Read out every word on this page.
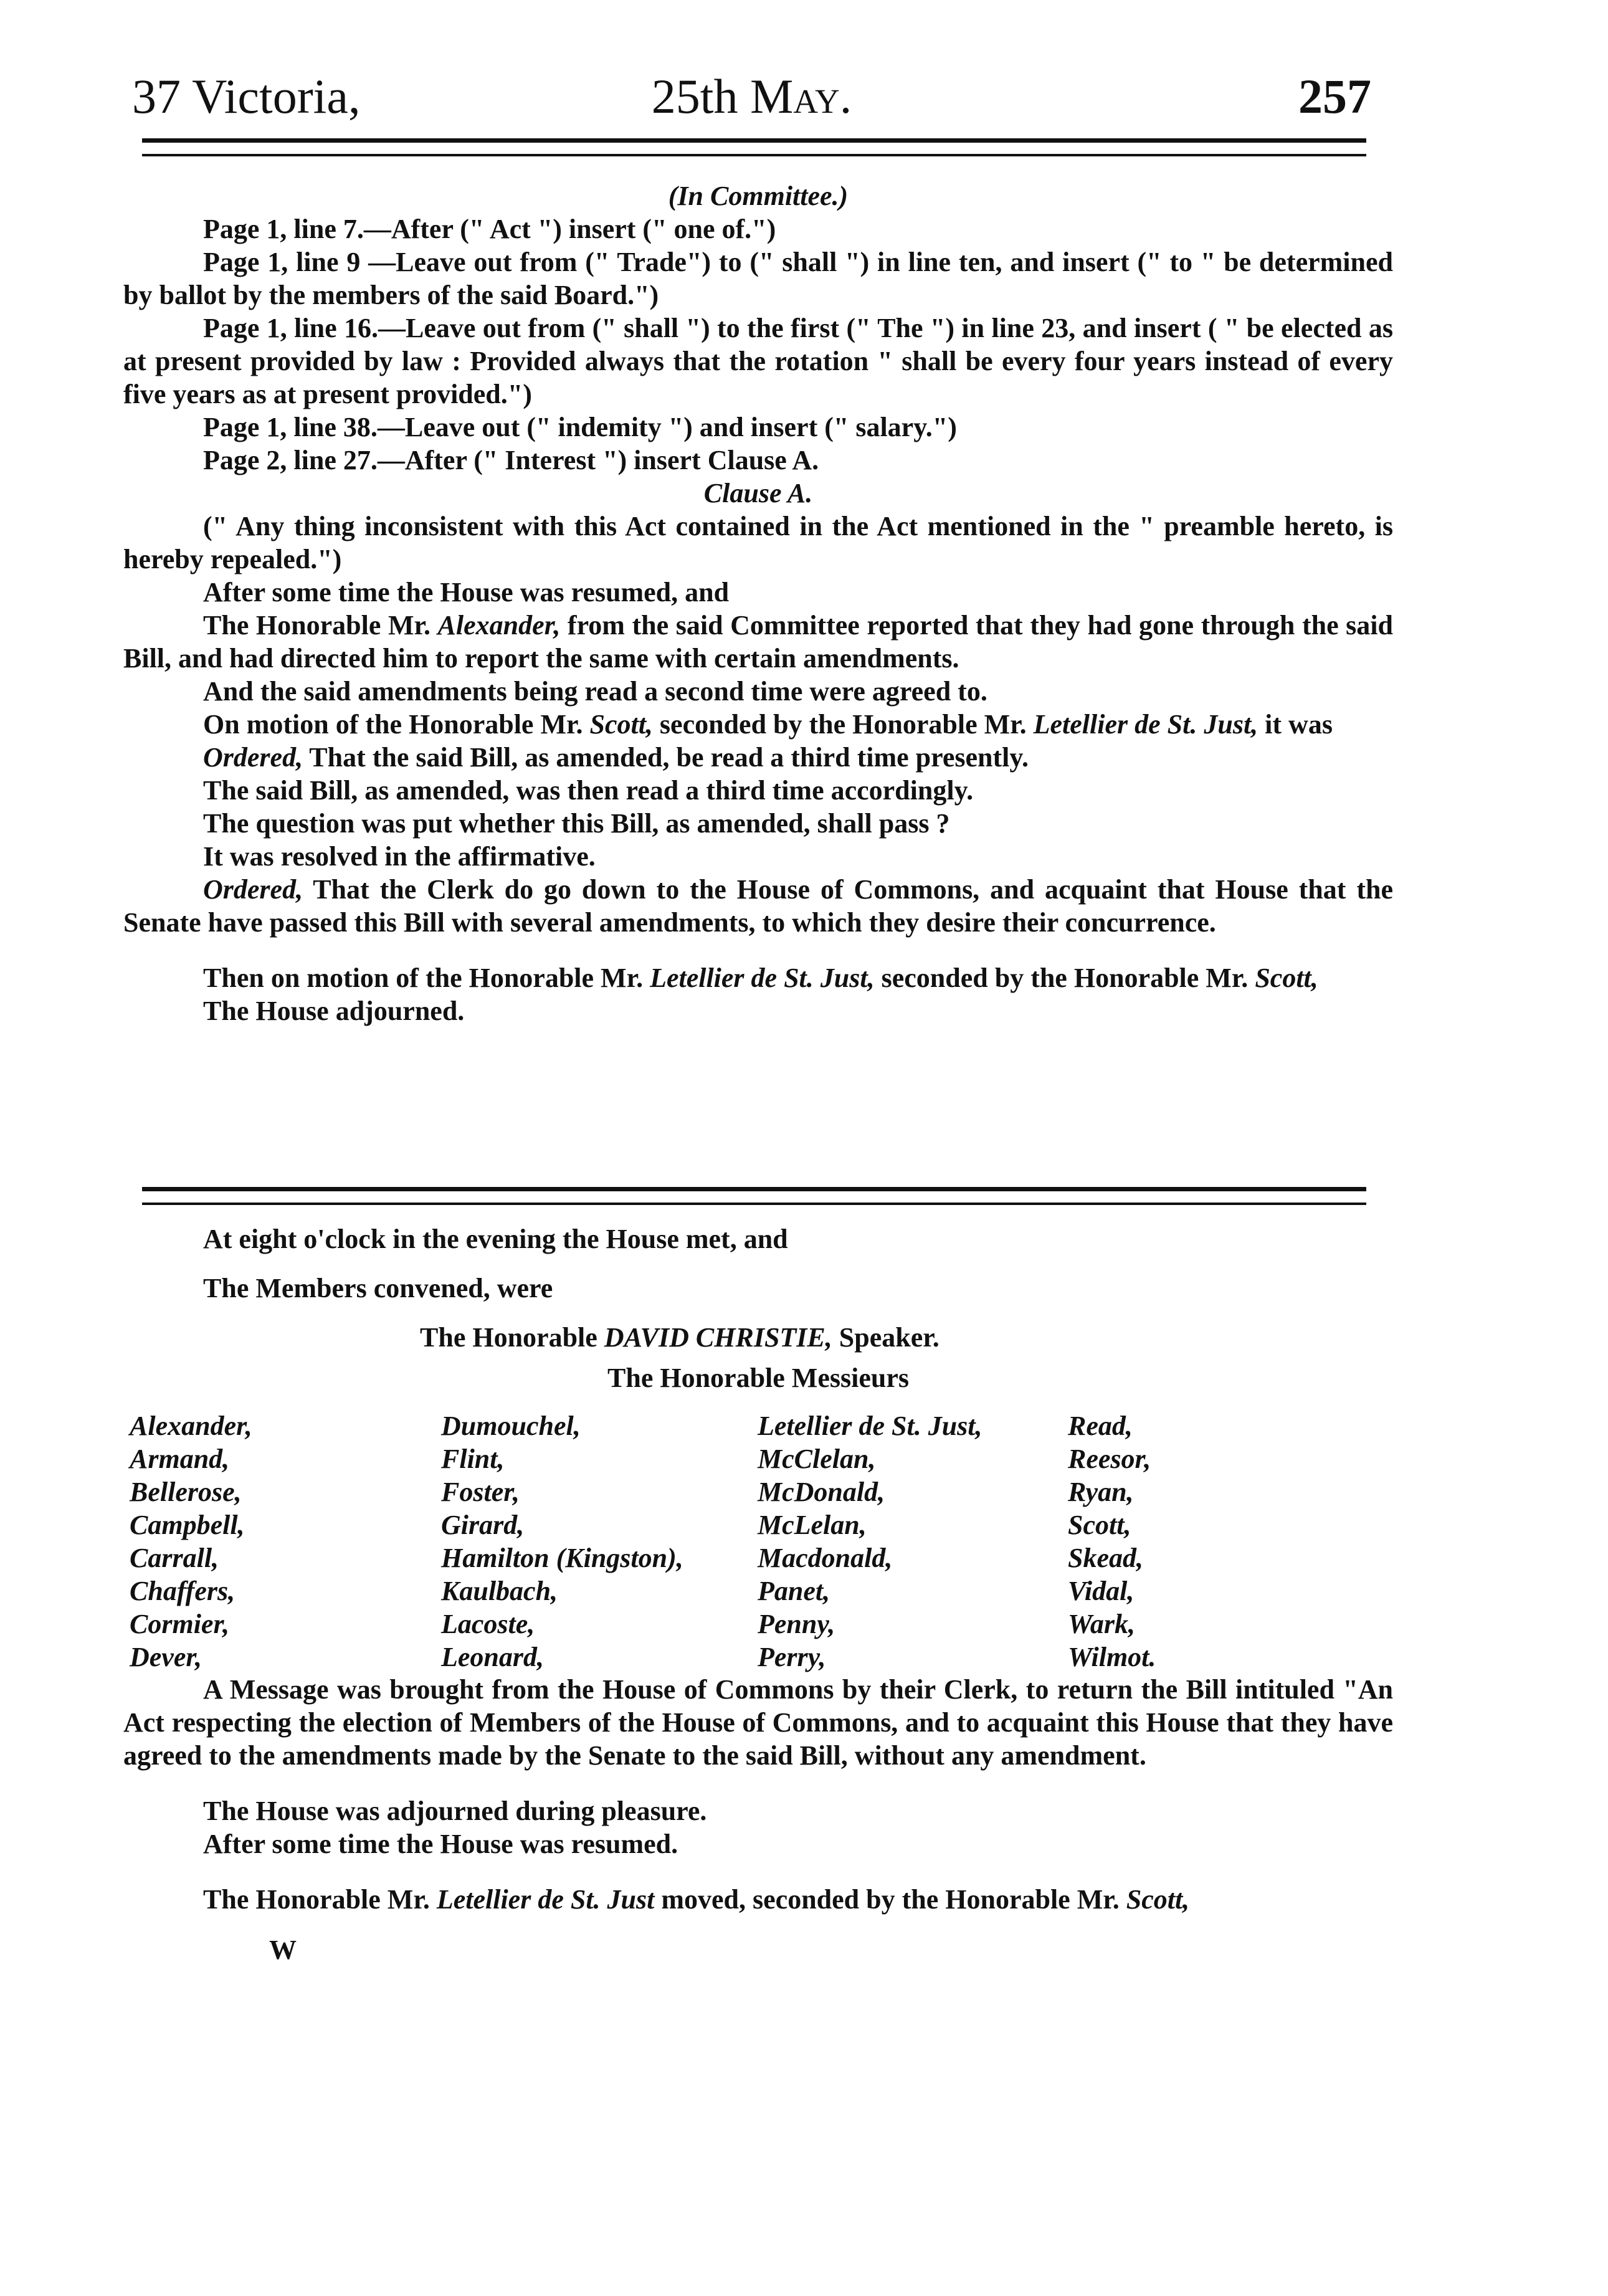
37 Victoria,	25th May.	257

(In Committee.)

Page 1, line 7.—After (" Act ") insert (" one of.")

Page 1, line 9 —Leave out from (" Trade") to (" shall ") in line ten, and insert (" to " be determined by ballot by the members of the said Board.")

Page 1, line 16.—Leave out from (" shall ") to the first (" The ") in line 23, and insert ( " be elected as at present provided by law : Provided always that the rotation " shall be every four years instead of every five years as at present provided.")

Page 1, line 38.—Leave out (" indemity ") and insert (" salary.")

Page 2, line 27.—After (" Interest ") insert Clause A.

Clause A.

(" Any thing inconsistent with this Act contained in the Act mentioned in the " preamble hereto, is hereby repealed.")

After some time the House was resumed, and

The Honorable Mr. Alexander, from the said Committee reported that they had gone through the said Bill, and had directed him to report the same with certain amendments.

And the said amendments being read a second time were agreed to.

On motion of the Honorable Mr. Scott, seconded by the Honorable Mr. Letellier de St. Just, it was

Ordered, That the said Bill, as amended, be read a third time presently.

The said Bill, as amended, was then read a third time accordingly.

The question was put whether this Bill, as amended, shall pass ?

It was resolved in the affirmative.

Ordered, That the Clerk do go down to the House of Commons, and acquaint that House that the Senate have passed this Bill with several amendments, to which they desire their concurrence.

Then on motion of the Honorable Mr. Letellier de St. Just, seconded by the Honorable Mr. Scott,

The House adjourned.

At eight o'clock in the evening the House met, and

The Members convened, were

The Honorable DAVID CHRISTIE, Speaker.

The Honorable Messieurs

Alexander,
Armand,
Bellerose,
Campbell,
Carrall,
Chaffers,
Cormier,
Dever,
Dumouchel,
Flint,
Foster,
Girard,
Hamilton (Kingston),
Kaulbach,
Lacoste,
Leonard,
Letellier de St. Just,
McClelan,
McDonald,
McLelan,
Macdonald,
Panet,
Penny,
Perry,
Read,
Reesor,
Ryan,
Scott,
Skead,
Vidal,
Wark,
Wilmot.

A Message was brought from the House of Commons by their Clerk, to return the Bill intituled "An Act respecting the election of Members of the House of Commons, and to acquaint this House that they have agreed to the amendments made by the Senate to the said Bill, without any amendment.

The House was adjourned during pleasure.

After some time the House was resumed.

The Honorable Mr. Letellier de St. Just moved, seconded by the Honorable Mr. Scott,

W
